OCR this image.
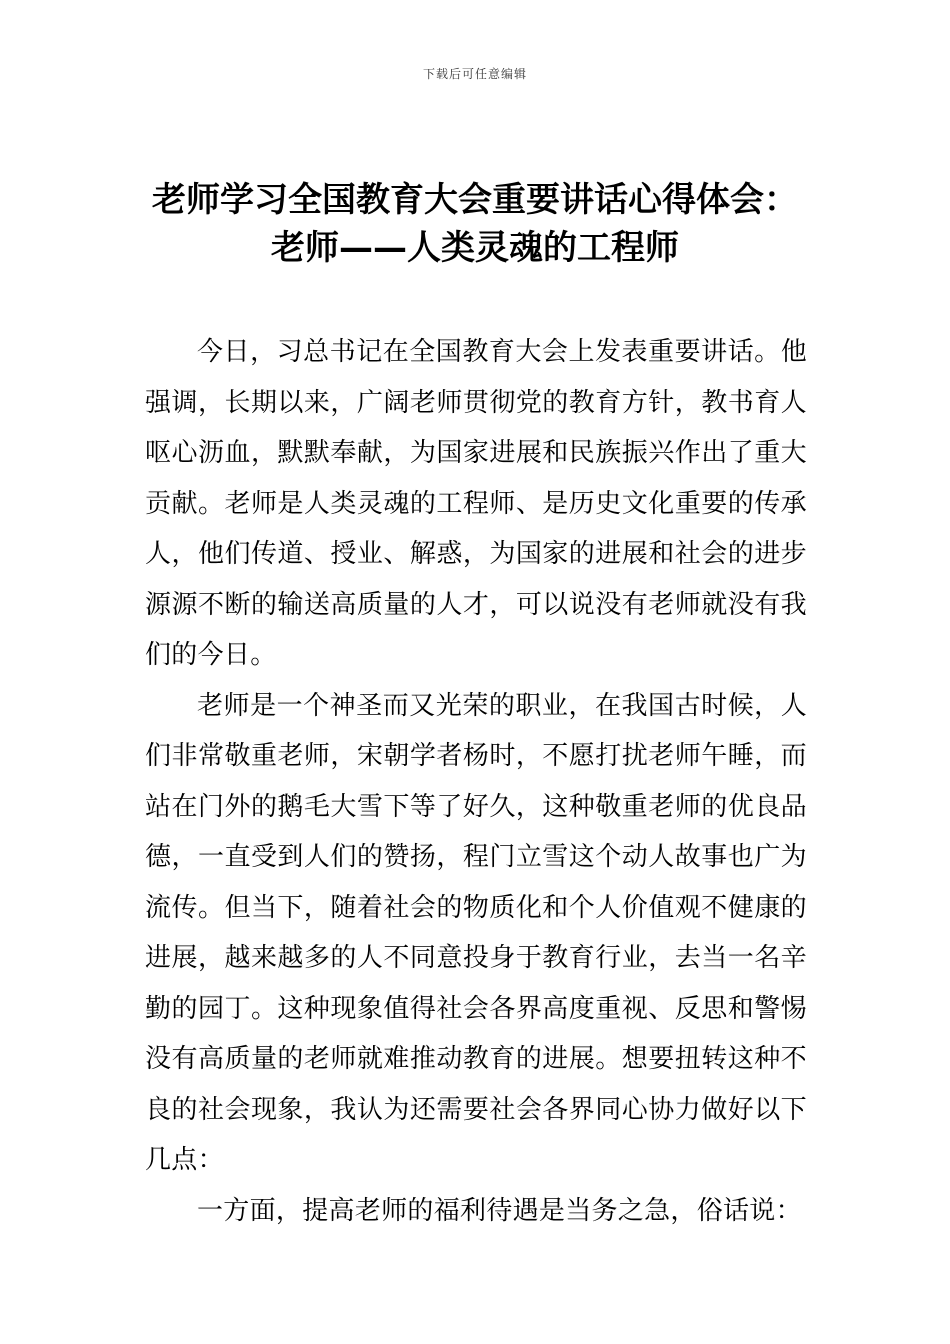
下载后可任意编辑
老师学习全国教育大会重要讲话心得体会：
老师——人类灵魂的工程师

今日，习总书记在全国教育大会上发表重要讲话。他强调，长期以来，广阔老师贯彻党的教育方针，教书育人呕心沥血，默默奉献，为国家进展和民族振兴作出了重大贡献。老师是人类灵魂的工程师、是历史文化重要的传承人，他们传道、授业、解惑，为国家的进展和社会的进步源源不断的输送高质量的人才，可以说没有老师就没有我们的今日。

老师是一个神圣而又光荣的职业，在我国古时候，人们非常敬重老师，宋朝学者杨时，不愿打扰老师午睡，而站在门外的鹅毛大雪下等了好久，这种敬重老师的优良品德，一直受到人们的赞扬，程门立雪这个动人故事也广为流传。但当下，随着社会的物质化和个人价值观不健康的进展，越来越多的人不同意投身于教育行业，去当一名辛勤的园丁。这种现象值得社会各界高度重视、反思和警惕没有高质量的老师就难推动教育的进展。想要扭转这种不良的社会现象，我认为还需要社会各界同心协力做好以下几点：

一方面，提高老师的福利待遇是当务之急，俗话说：
